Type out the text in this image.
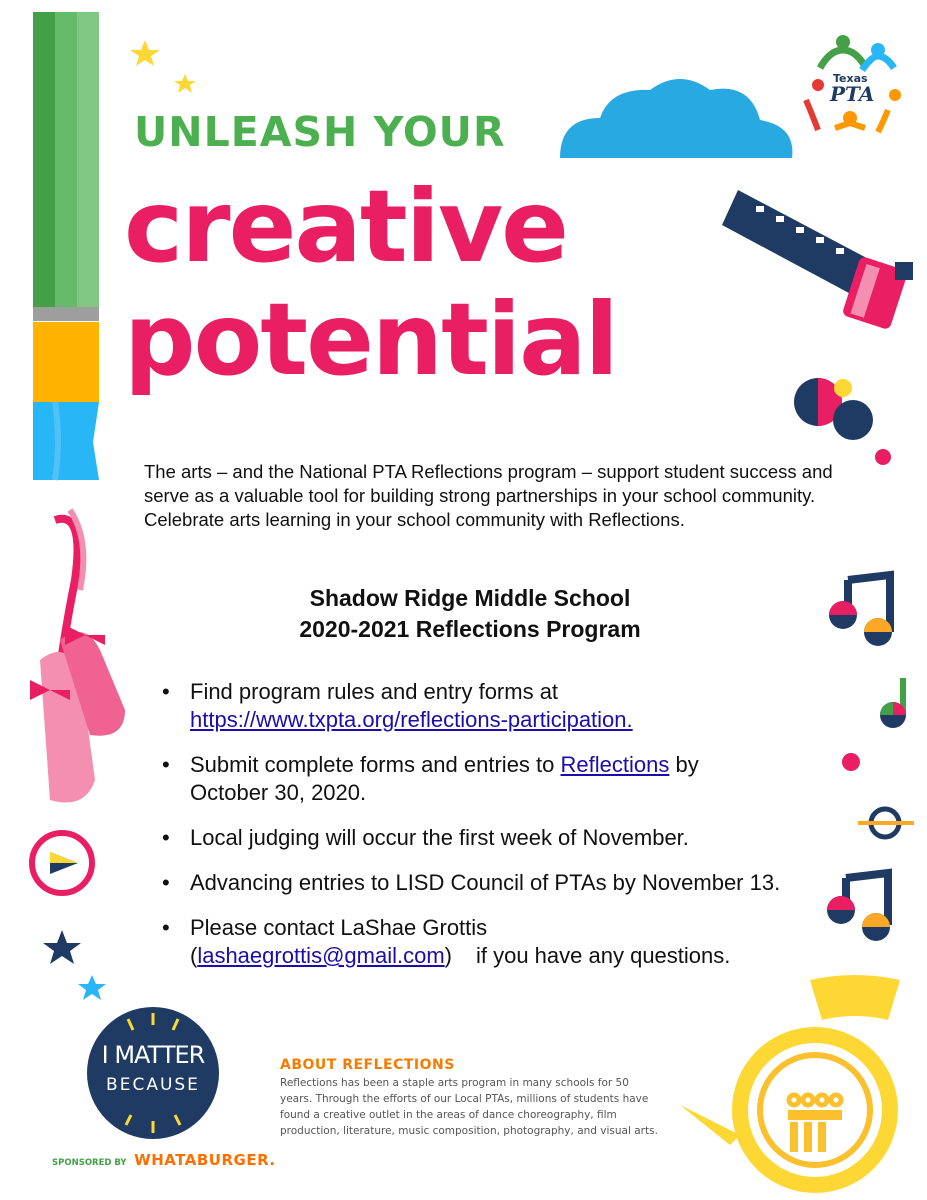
Texas
PTA
UNLEASH YOUR
creative
potential
The arts – and the National PTA Reflections program – support student success and serve as a valuable tool for building strong partnerships in your school community. Celebrate arts learning in your school community with Reflections.
Shadow Ridge Middle School
2020-2021 Reflections Program
• Find program rules and entry forms at
https://www.txpta.org/reflections-participation.
• Submit complete forms and entries to Reflections by
October 30, 2020.
• Local judging will occur the first week of November.
• Advancing entries to LISD Council of PTAs by November 13.
• Please contact LaShae Grottis
(lashaegrottis@gmail.com) if you have any questions.
I MATTER
BECAUSE
SPONSORED BY WHATABURGER.
ABOUT REFLECTIONS
Reflections has been a staple arts program in many schools for 50 years. Through the efforts of our Local PTAs, millions of students have found a creative outlet in the areas of dance choreography, film production, literature, music composition, photography, and visual arts.
